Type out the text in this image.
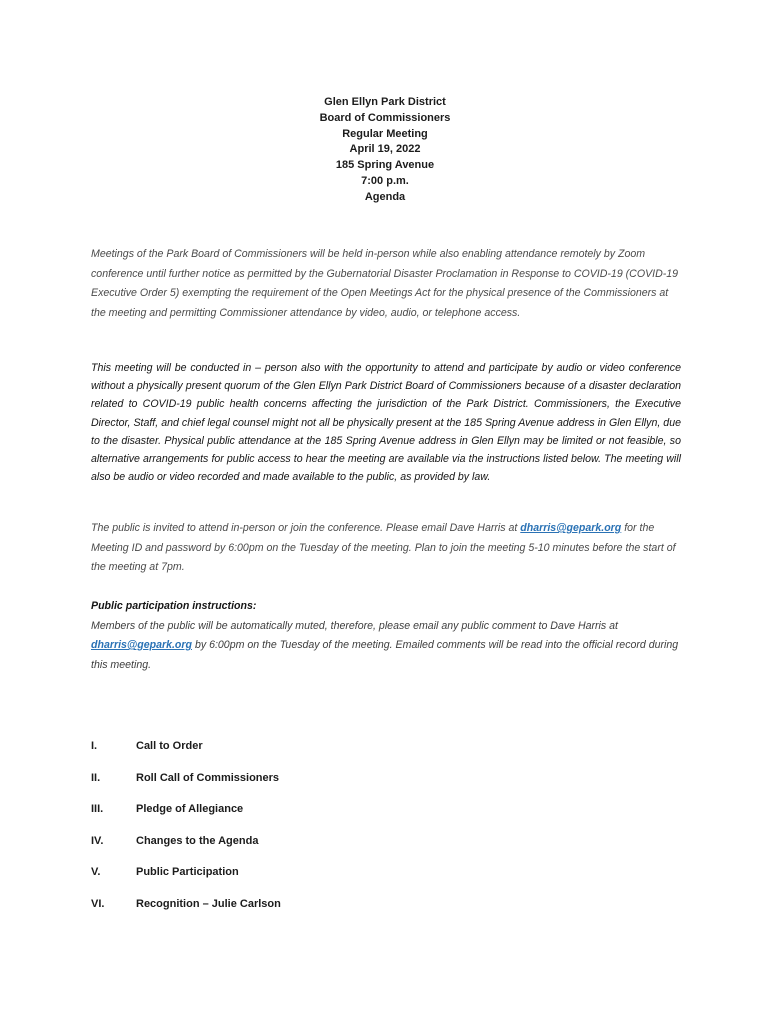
Glen Ellyn Park District
Board of Commissioners
Regular Meeting
April 19, 2022
185 Spring Avenue
7:00 p.m.
Agenda

Meetings of the Park Board of Commissioners will be held in-person while also enabling attendance remotely by Zoom conference until further notice as permitted by the Gubernatorial Disaster Proclamation in Response to COVID-19 (COVID-19 Executive Order 5) exempting the requirement of the Open Meetings Act for the physical presence of the Commissioners at the meeting and permitting Commissioner attendance by video, audio, or telephone access.

This meeting will be conducted in – person also with the opportunity to attend and participate by audio or video conference without a physically present quorum of the Glen Ellyn Park District Board of Commissioners because of a disaster declaration related to COVID-19 public health concerns affecting the jurisdiction of the Park District. Commissioners, the Executive Director, Staff, and chief legal counsel might not all be physically present at the 185 Spring Avenue address in Glen Ellyn, due to the disaster. Physical public attendance at the 185 Spring Avenue address in Glen Ellyn may be limited or not feasible, so alternative arrangements for public access to hear the meeting are available via the instructions listed below. The meeting will also be audio or video recorded and made available to the public, as provided by law.

The public is invited to attend in-person or join the conference. Please email Dave Harris at dharris@gepark.org for the Meeting ID and password by 6:00pm on the Tuesday of the meeting. Plan to join the meeting 5-10 minutes before the start of the meeting at 7pm.

Public participation instructions:
Members of the public will be automatically muted, therefore, please email any public comment to Dave Harris at dharris@gepark.org by 6:00pm on the Tuesday of the meeting. Emailed comments will be read into the official record during this meeting.
I.	Call to Order
II.	Roll Call of Commissioners
III.	Pledge of Allegiance
IV.	Changes to the Agenda
V.	Public Participation
VI.	Recognition – Julie Carlson
